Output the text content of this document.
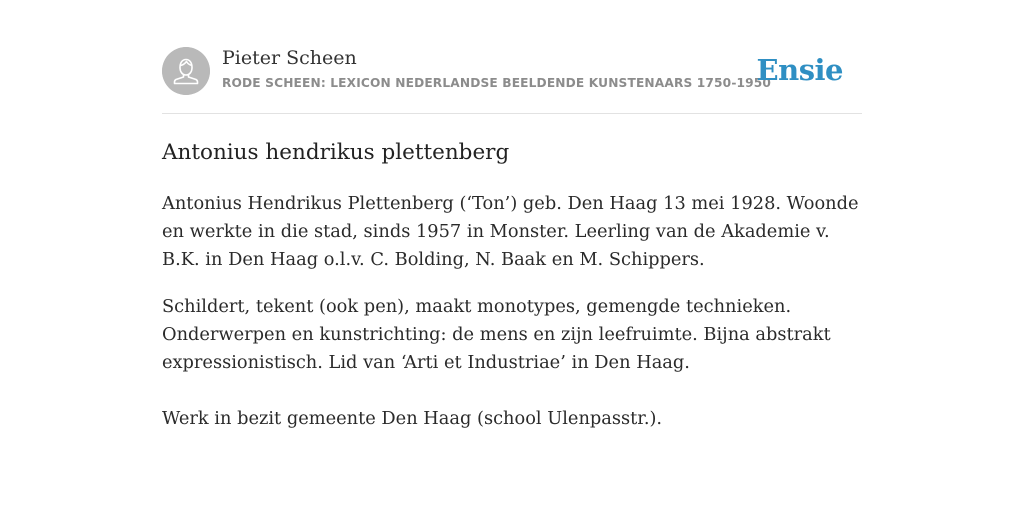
Pieter Scheen
RODE SCHEEN: LEXICON NEDERLANDSE BEELDENDE KUNSTENAARS 1750-1950
Ensie
Antonius hendrikus plettenberg

Antonius Hendrikus Plettenberg (‘Ton’) geb. Den Haag 13 mei 1928. Woonde en werkte in die stad, sinds 1957 in Monster. Leerling van de Akademie v. B.K. in Den Haag o.l.v. C. Bolding, N. Baak en M. Schippers.

Schildert, tekent (ook pen), maakt monotypes, gemengde technieken. Onderwerpen en kunstrichting: de mens en zijn leefruimte. Bijna abstrakt expressionistisch. Lid van ‘Arti et Industriae’ in Den Haag.

Werk in bezit gemeente Den Haag (school Ulenpasstr.).
